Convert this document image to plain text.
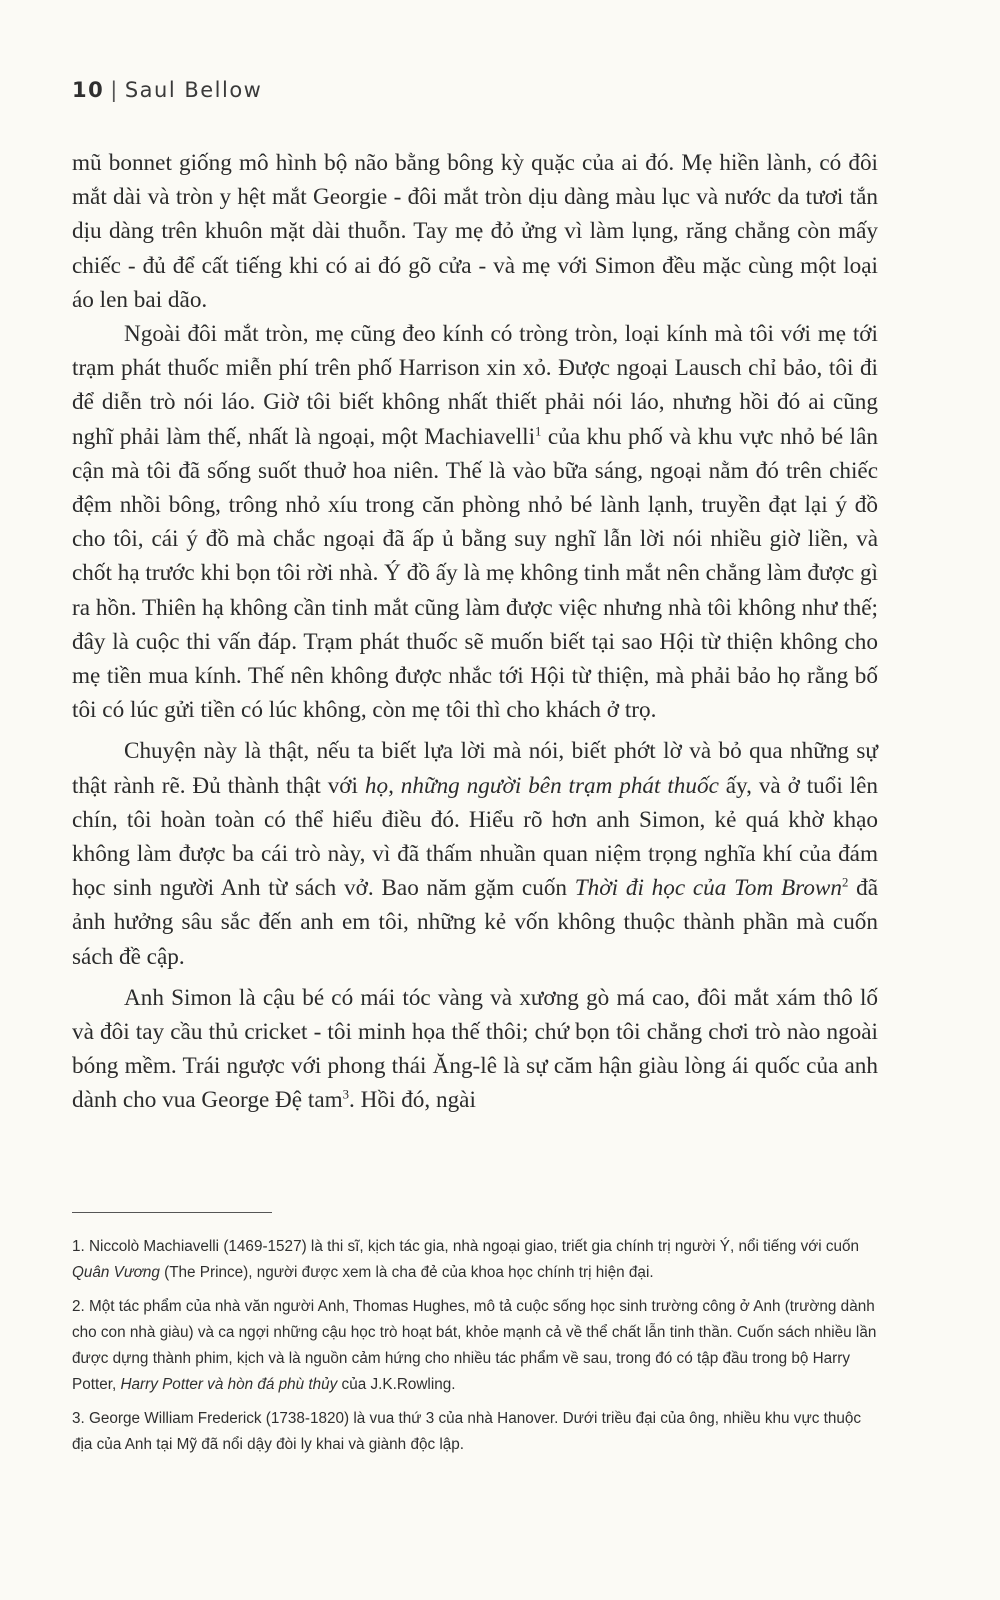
10 | Saul Bellow

mũ bonnet giống mô hình bộ não bằng bông kỳ quặc của ai đó. Mẹ hiền lành, có đôi mắt dài và tròn y hệt mắt Georgie - đôi mắt tròn dịu dàng màu lục và nước da tươi tắn dịu dàng trên khuôn mặt dài thuỗn. Tay mẹ đỏ ửng vì làm lụng, răng chẳng còn mấy chiếc - đủ để cất tiếng khi có ai đó gõ cửa - và mẹ với Simon đều mặc cùng một loại áo len bai dão.

Ngoài đôi mắt tròn, mẹ cũng đeo kính có tròng tròn, loại kính mà tôi với mẹ tới trạm phát thuốc miễn phí trên phố Harrison xin xỏ. Được ngoại Lausch chỉ bảo, tôi đi để diễn trò nói láo. Giờ tôi biết không nhất thiết phải nói láo, nhưng hồi đó ai cũng nghĩ phải làm thế, nhất là ngoại, một Machiavelli$^1$ của khu phố và khu vực nhỏ bé lân cận mà tôi đã sống suốt thuở hoa niên. Thế là vào bữa sáng, ngoại nằm đó trên chiếc đệm nhồi bông, trông nhỏ xíu trong căn phòng nhỏ bé lành lạnh, truyền đạt lại ý đồ cho tôi, cái ý đồ mà chắc ngoại đã ấp ủ bằng suy nghĩ lẫn lời nói nhiều giờ liền, và chốt hạ trước khi bọn tôi rời nhà. Ý đồ ấy là mẹ không tinh mắt nên chẳng làm được gì ra hồn. Thiên hạ không cần tinh mắt cũng làm được việc nhưng nhà tôi không như thế; đây là cuộc thi vấn đáp. Trạm phát thuốc sẽ muốn biết tại sao Hội từ thiện không cho mẹ tiền mua kính. Thế nên không được nhắc tới Hội từ thiện, mà phải bảo họ rằng bố tôi có lúc gửi tiền có lúc không, còn mẹ tôi thì cho khách ở trọ.

Chuyện này là thật, nếu ta biết lựa lời mà nói, biết phớt lờ và bỏ qua những sự thật rành rẽ. Đủ thành thật với họ, những người bên trạm phát thuốc ấy, và ở tuổi lên chín, tôi hoàn toàn có thể hiểu điều đó. Hiểu rõ hơn anh Simon, kẻ quá khờ khạo không làm được ba cái trò này, vì đã thấm nhuần quan niệm trọng nghĩa khí của đám học sinh người Anh từ sách vở. Bao năm gặm cuốn Thời đi học của Tom Brown$^2$ đã ảnh hưởng sâu sắc đến anh em tôi, những kẻ vốn không thuộc thành phần mà cuốn sách đề cập.

Anh Simon là cậu bé có mái tóc vàng và xương gò má cao, đôi mắt xám thô lố và đôi tay cầu thủ cricket - tôi minh họa thế thôi; chứ bọn tôi chẳng chơi trò nào ngoài bóng mềm. Trái ngược với phong thái Ăng-lê là sự căm hận giàu lòng ái quốc của anh dành cho vua George Đệ tam$^3$. Hồi đó, ngài

1. Niccolò Machiavelli (1469-1527) là thi sĩ, kịch tác gia, nhà ngoại giao, triết gia chính trị người Ý, nổi tiếng với cuốn Quân Vương (The Prince), người được xem là cha đẻ của khoa học chính trị hiện đại.

2. Một tác phẩm của nhà văn người Anh, Thomas Hughes, mô tả cuộc sống học sinh trường công ở Anh (trường dành cho con nhà giàu) và ca ngợi những cậu học trò hoạt bát, khỏe mạnh cả về thể chất lẫn tinh thần. Cuốn sách nhiều lần được dựng thành phim, kịch và là nguồn cảm hứng cho nhiều tác phẩm về sau, trong đó có tập đầu trong bộ Harry Potter, Harry Potter và hòn đá phù thủy của J.K.Rowling.

3. George William Frederick (1738-1820) là vua thứ 3 của nhà Hanover. Dưới triều đại của ông, nhiều khu vực thuộc địa của Anh tại Mỹ đã nổi dậy đòi ly khai và giành độc lập.
